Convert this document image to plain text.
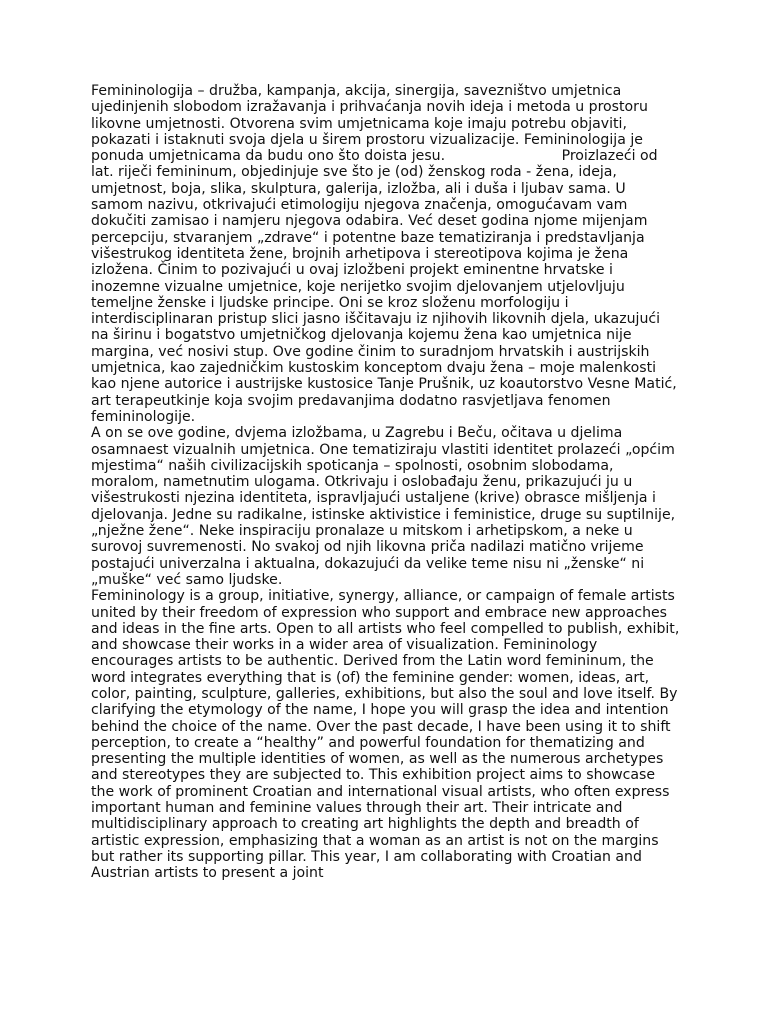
Femininologija – družba, kampanja, akcija, sinergija, savezništvo umjetnica ujedinjenih slobodom izražavanja i prihvaćanja novih ideja i metoda u prostoru likovne umjetnosti. Otvorena svim umjetnicama koje imaju potrebu objaviti, pokazati i istaknuti svoja djela u širem prostoru vizualizacije. Femininologija je ponuda umjetnicama da budu ono što doista jesu.                          Proizlazeći od lat. riječi femininum, objedinjuje sve što je (od) ženskog roda - žena, ideja, umjetnost, boja, slika, skulptura, galerija, izložba, ali i duša i ljubav sama. U samom nazivu, otkrivajući etimologiju njegova značenja, omogućavam vam dokučiti zamisao i namjeru njegova odabira. Već deset godina njome mijenjam percepciju, stvaranjem „zdrave“ i potentne baze tematiziranja i predstavljanja višestrukog identiteta žene, brojnih arhetipova i stereotipova kojima je žena izložena. Činim to pozivajući u ovaj izložbeni projekt eminentne hrvatske i inozemne vizualne umjetnice, koje nerijetko svojim djelovanjem utjelovljuju temeljne ženske i ljudske principe. Oni se kroz složenu morfologiju i interdisciplinaran pristup slici jasno iščitavaju iz njihovih likovnih djela, ukazujući na širinu i bogatstvo umjetničkog djelovanja kojemu žena kao umjetnica nije margina, već nosivi stup. Ove godine činim to suradnjom hrvatskih i austrijskih umjetnica, kao zajedničkim kustoskim konceptom dvaju žena – moje malenkosti kao njene autorice i austrijske kustosice Tanje Prušnik, uz koautorstvo Vesne Matić, art terapeutkinje koja svojim predavanjima dodatno rasvjetljava fenomen femininologije.

A on se ove godine, dvjema izložbama, u Zagrebu i Beču, očitava u djelima osamnaest vizualnih umjetnica. One tematiziraju vlastiti identitet prolazeći „općim mjestima“ naših civilizacijskih spoticanja – spolnosti, osobnim slobodama, moralom, nametnutim ulogama. Otkrivaju i oslobađaju ženu, prikazujući ju u višestrukosti njezina identiteta, ispravljajući ustaljene (krive) obrasce mišljenja i djelovanja. Jedne su radikalne, istinske aktivistice i feministice, druge su suptilnije, „nježne žene“. Neke inspiraciju pronalaze u mitskom i arhetipskom, a neke u surovoj suvremenosti. No svakoj od njih likovna priča nadilazi matično vrijeme postajući univerzalna i aktualna, dokazujući da velike teme nisu ni „ženske“ ni „muške“ već samo ljudske.

Femininology is a group, initiative, synergy, alliance, or campaign of female artists united by their freedom of expression who support and embrace new approaches and ideas in the fine arts. Open to all artists who feel compelled to publish, exhibit, and showcase their works in a wider area of visualization. Femininology encourages artists to be authentic. Derived from the Latin word femininum, the word integrates everything that is (of) the feminine gender: women, ideas, art, color, painting, sculpture, galleries, exhibitions, but also the soul and love itself. By clarifying the etymology of the name, I hope you will grasp the idea and intention behind the choice of the name. Over the past decade, I have been using it to shift perception, to create a “healthy” and powerful foundation for thematizing and presenting the multiple identities of women, as well as the numerous archetypes and stereotypes they are subjected to. This exhibition project aims to showcase the work of prominent Croatian and international visual artists, who often express important human and feminine values through their art. Their intricate and multidisciplinary approach to creating art highlights the depth and breadth of artistic expression, emphasizing that a woman as an artist is not on the margins but rather its supporting pillar. This year, I am collaborating with Croatian and Austrian artists to present a joint
